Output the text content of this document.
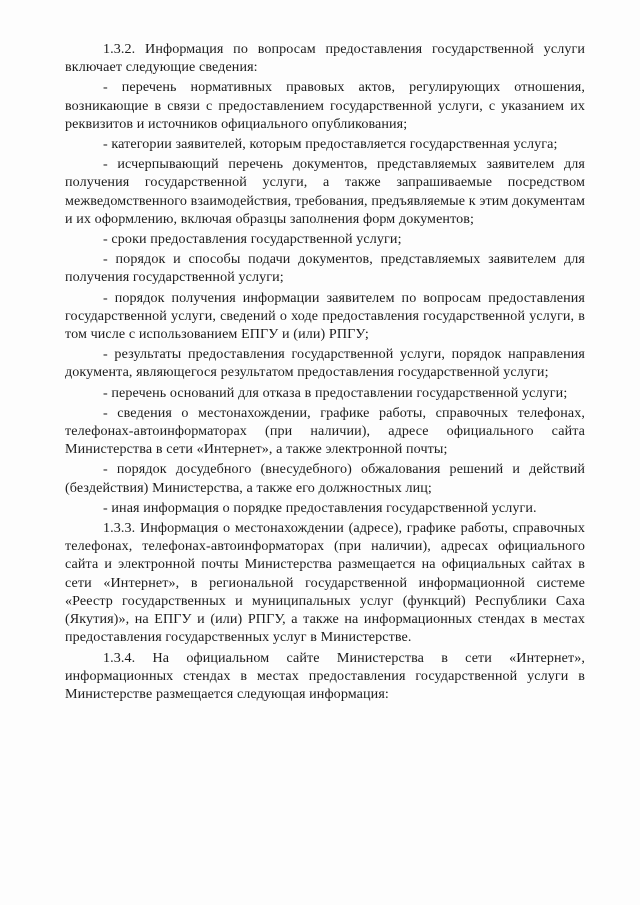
1.3.2. Информация по вопросам предоставления государственной услуги включает следующие сведения:

- перечень нормативных правовых актов, регулирующих отношения, возникающие в связи с предоставлением государственной услуги, с указанием их реквизитов и источников официального опубликования;

- категории заявителей, которым предоставляется государственная услуга;

- исчерпывающий перечень документов, представляемых заявителем для получения государственной услуги, а также запрашиваемые посредством межведомственного взаимодействия, требования, предъявляемые к этим документам и их оформлению, включая образцы заполнения форм документов;

- сроки предоставления государственной услуги;

- порядок и способы подачи документов, представляемых заявителем для получения государственной услуги;

- порядок получения информации заявителем по вопросам предоставления государственной услуги, сведений о ходе предоставления государственной услуги, в том числе с использованием ЕПГУ и (или) РПГУ;

- результаты предоставления государственной услуги, порядок направления документа, являющегося результатом предоставления государственной услуги;

- перечень оснований для отказа в предоставлении государственной услуги;

- сведения о местонахождении, графике работы, справочных телефонах, телефонах-автоинформаторах (при наличии), адресе официального сайта Министерства в сети «Интернет», а также электронной почты;

- порядок досудебного (внесудебного) обжалования решений и действий (бездействия) Министерства, а также его должностных лиц;

- иная информация о порядке предоставления государственной услуги.

1.3.3. Информация о местонахождении (адресе), графике работы, справочных телефонах, телефонах-автоинформаторах (при наличии), адресах официального сайта и электронной почты Министерства размещается на официальных сайтах в сети «Интернет», в региональной государственной информационной системе «Реестр государственных и муниципальных услуг (функций) Республики Саха (Якутия)», на ЕПГУ и (или) РПГУ, а также на информационных стендах в местах предоставления государственных услуг в Министерстве.

1.3.4. На официальном сайте Министерства в сети «Интернет», информационных стендах в местах предоставления государственной услуги в Министерстве размещается следующая информация:
